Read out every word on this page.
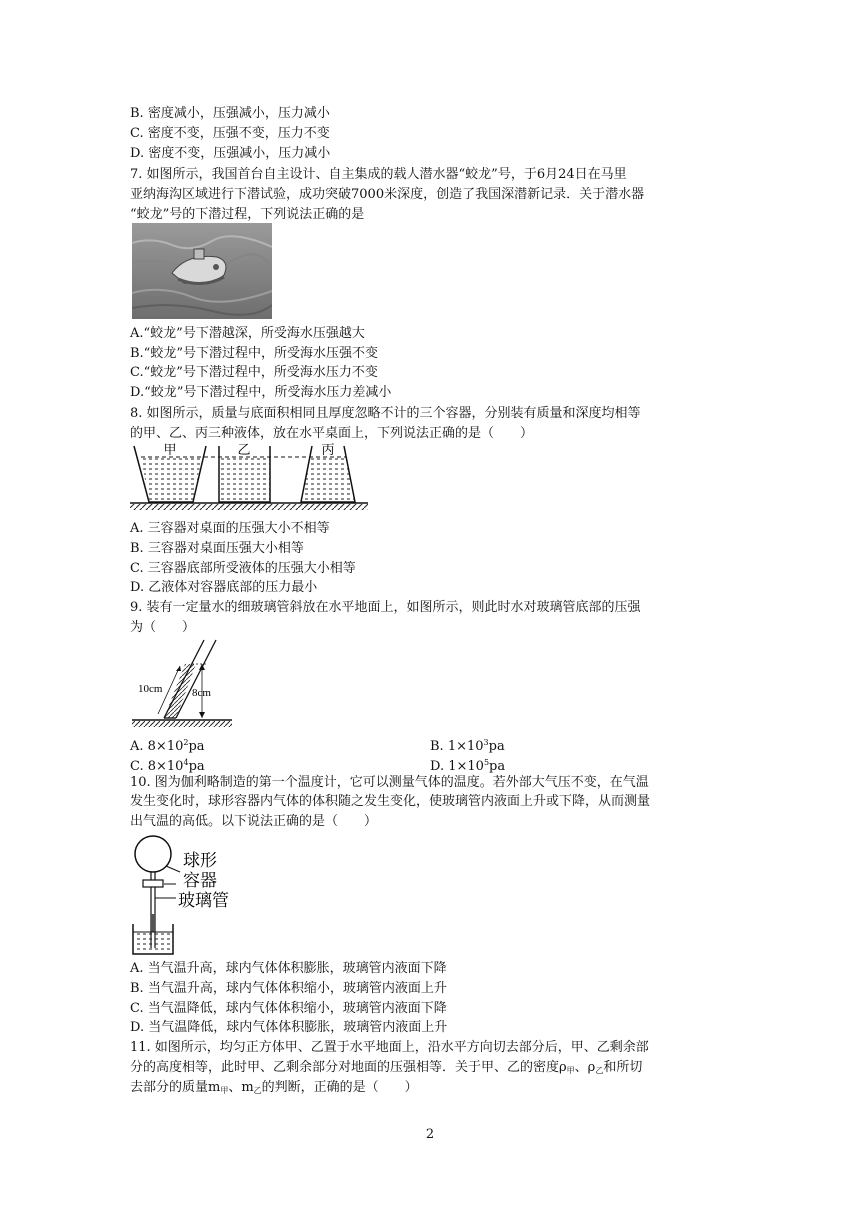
B. 密度减小，压强减小，压力减小
C. 密度不变，压强不变，压力不变
D. 密度不变，压强减小，压力减小
7. 如图所示，我国首台自主设计、自主集成的载人潜水器“蛟龙”号，于6月24日在马里
亚纳海沟区域进行下潜试验，成功突破7000米深度，创造了我国深潜新记录．关于潜水器
“蛟龙”号的下潜过程，下列说法正确的是
A.“蛟龙”号下潜越深，所受海水压强越大
B.“蛟龙”号下潜过程中，所受海水压强不变
C.“蛟龙”号下潜过程中，所受海水压力不变
D.“蛟龙”号下潜过程中，所受海水压力差减小
8. 如图所示，质量与底面积相同且厚度忽略不计的三个容器，分别装有质量和深度均相等
的甲、乙、丙三种液体，放在水平桌面上，下列说法正确的是（　　）
甲	乙	丙
A. 三容器对桌面的压强大小不相等
B. 三容器对桌面压强大小相等
C. 三容器底部所受液体的压强大小相等
D. 乙液体对容器底部的压力最小
9. 装有一定量水的细玻璃管斜放在水平地面上，如图所示，则此时水对玻璃管底部的压强
为（　　）
10cm	8cm
A. $8\times 10^2pa$	B. $1\times 10^3pa$
C. $8\times 10^4pa$	D. $1\times 10^5pa$
10. 图为伽利略制造的第一个温度计，它可以测量气体的温度。若外部大气压不变，在气温
发生变化时，球形容器内气体的体积随之发生变化，使玻璃管内液面上升或下降，从而测量
出气温的高低。以下说法正确的是（　　）
球形
容器
玻璃管
A. 当气温升高，球内气体体积膨胀，玻璃管内液面下降
B. 当气温升高，球内气体体积缩小，玻璃管内液面上升
C. 当气温降低，球内气体体积缩小，玻璃管内液面下降
D. 当气温降低，球内气体体积膨胀，玻璃管内液面上升
11. 如图所示，均匀正方体甲、乙置于水平地面上，沿水平方向切去部分后，甲、乙剩余部
分的高度相等，此时甲、乙剩余部分对地面的压强相等．关于甲、乙的密度$\rho_甲$、$\rho_乙$和所切
去部分的质量$m_甲$、$m_乙$的判断，正确的是（　　）
2
